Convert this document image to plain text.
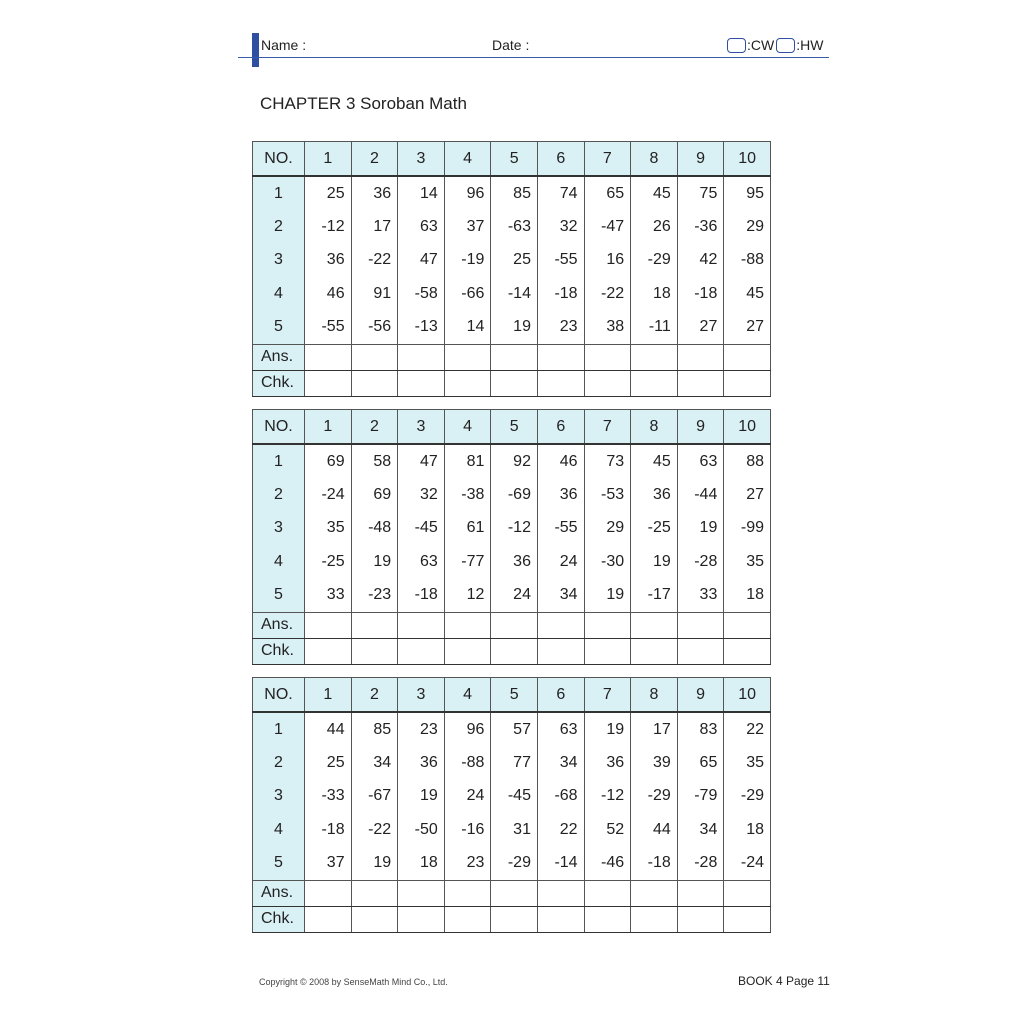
Name :	Date :	:CW :HW
CHAPTER 3 Soroban Math
NO.	1	2	3	4	5	6	7	8	9	10
1	25	36	14	96	85	74	65	45	75	95
2	-12	17	63	37	-63	32	-47	26	-36	29
3	36	-22	47	-19	25	-55	16	-29	42	-88
4	46	91	-58	-66	-14	-18	-22	18	-18	45
5	-55	-56	-13	14	19	23	38	-11	27	27
Ans.										
Chk.										
NO.	1	2	3	4	5	6	7	8	9	10
1	69	58	47	81	92	46	73	45	63	88
2	-24	69	32	-38	-69	36	-53	36	-44	27
3	35	-48	-45	61	-12	-55	29	-25	19	-99
4	-25	19	63	-77	36	24	-30	19	-28	35
5	33	-23	-18	12	24	34	19	-17	33	18
Ans.										
Chk.										
NO.	1	2	3	4	5	6	7	8	9	10
1	44	85	23	96	57	63	19	17	83	22
2	25	34	36	-88	77	34	36	39	65	35
3	-33	-67	19	24	-45	-68	-12	-29	-79	-29
4	-18	-22	-50	-16	31	22	52	44	34	18
5	37	19	18	23	-29	-14	-46	-18	-28	-24
Ans.										
Chk.										
Copyright © 2008 by SenseMath Mind Co., Ltd.	BOOK 4 Page 11
